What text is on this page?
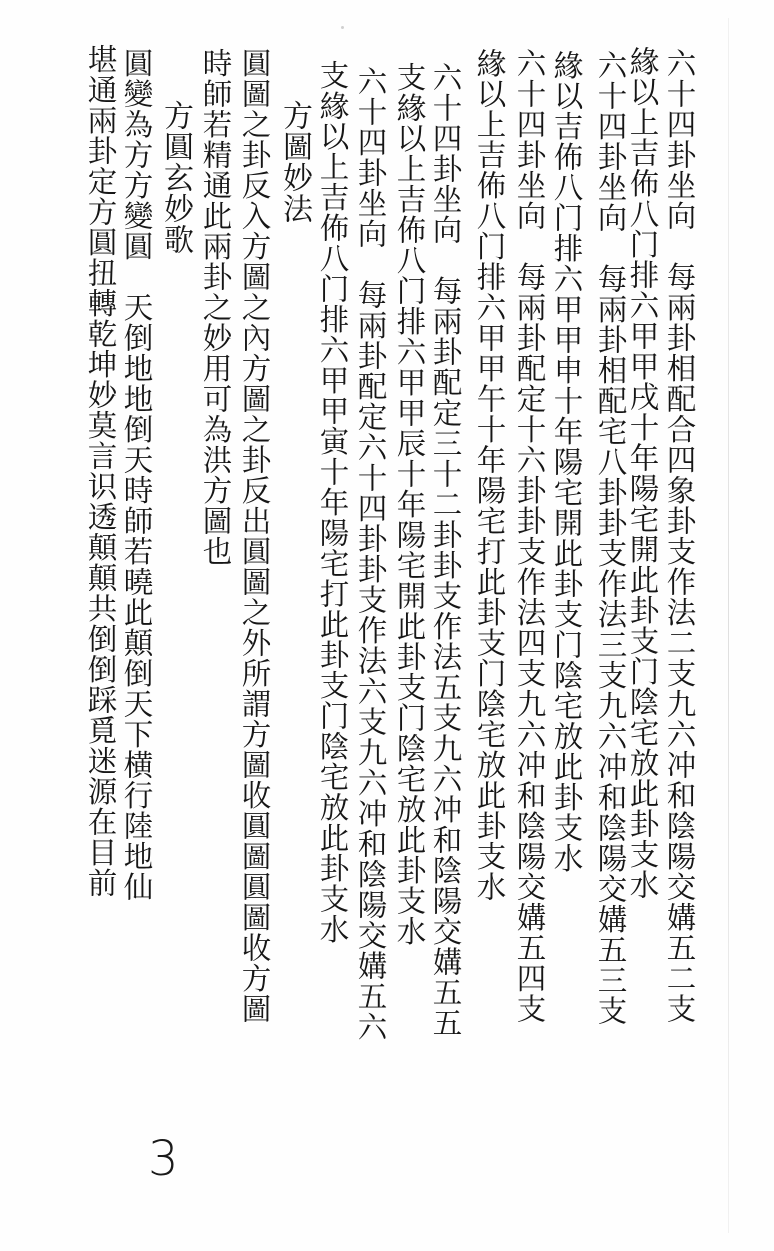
六十四卦坐向　每兩卦相配合四象卦支作法二支九六冲和陰陽交媾五二支
緣以上吉佈八门排六甲甲戌十年陽宅開此卦支门陰宅放此卦支水
六十四卦坐向　每兩卦相配宅八卦卦支作法三支九六冲和陰陽交媾五三支
緣以吉佈八门排六甲甲申十年陽宅開此卦支门陰宅放此卦支水
六十四卦坐向　每兩卦配定十六卦卦支作法四支九六冲和陰陽交媾五四支
緣以上吉佈八门排六甲甲午十年陽宅打此卦支门陰宅放此卦支水
六十四卦坐向　每兩卦配定三十二卦卦支作法五支九六冲和陰陽交媾五五
支緣以上吉佈八门排六甲甲辰十年陽宅開此卦支门陰宅放此卦支水
六十四卦坐向　每兩卦配定六十四卦卦支作法六支九六冲和陰陽交媾五六
支緣以上吉佈八门排六甲甲寅十年陽宅打此卦支门陰宅放此卦支水
方圖妙法
圓圖之卦反入方圖之內方圖之卦反出圓圖之外所謂方圖收圓圖圓圖收方圖
時師若精通此兩卦之妙用可為洪方圖也
方圓玄妙歌
圓變為方方變圓　天倒地地倒天時師若曉此顛倒天下横行陸地仙
堪通兩卦定方圓扭轉乾坤妙莫言识透顛顛共倒倒踩覓迷源在目前
3
